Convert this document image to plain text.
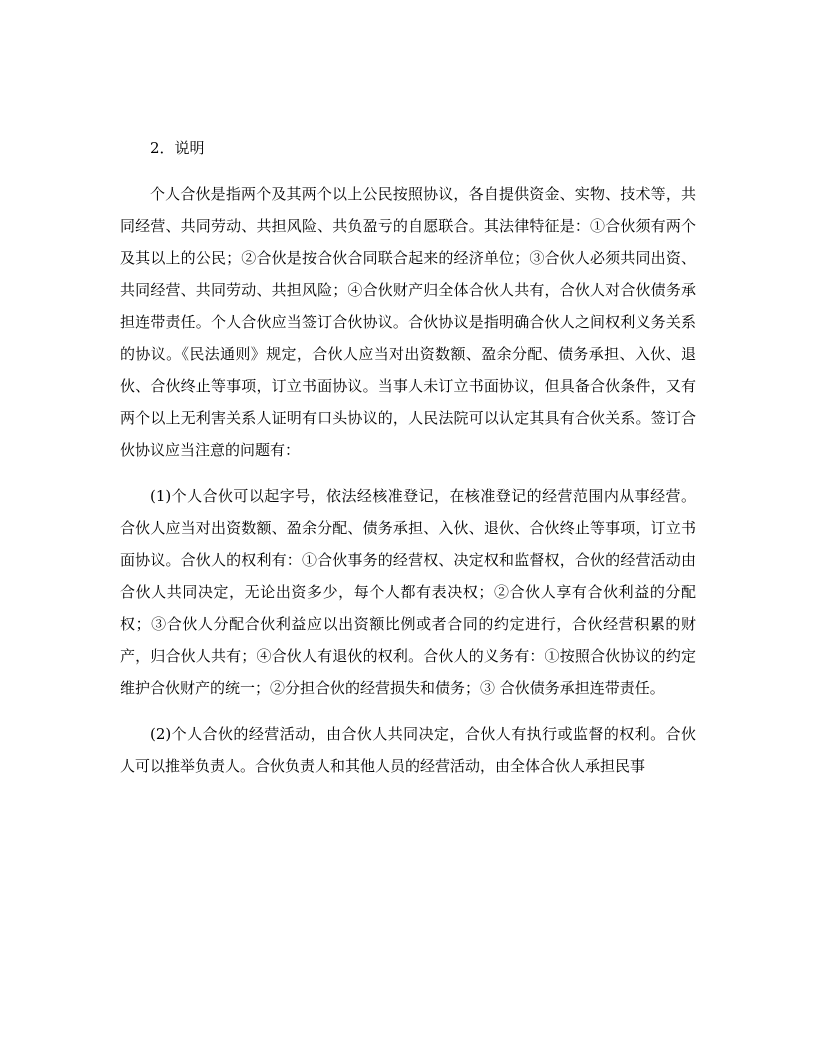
2．说明

个人合伙是指两个及其两个以上公民按照协议，各自提供资金、实物、技术等，共同经营、共同劳动、共担风险、共负盈亏的自愿联合。其法律特征是：①合伙须有两个及其以上的公民；②合伙是按合伙合同联合起来的经济单位；③合伙人必须共同出资、共同经营、共同劳动、共担风险；④合伙财产归全体合伙人共有，合伙人对合伙债务承担连带责任。个人合伙应当签订合伙协议。合伙协议是指明确合伙人之间权利义务关系的协议。《民法通则》规定，合伙人应当对出资数额、盈余分配、债务承担、入伙、退伙、合伙终止等事项，订立书面协议。当事人未订立书面协议，但具备合伙条件，又有两个以上无利害关系人证明有口头协议的，人民法院可以认定其具有合伙关系。签订合伙协议应当注意的问题有：

(1)个人合伙可以起字号，依法经核准登记，在核准登记的经营范围内从事经营。合伙人应当对出资数额、盈余分配、债务承担、入伙、退伙、合伙终止等事项，订立书面协议。合伙人的权利有：①合伙事务的经营权、决定权和监督权，合伙的经营活动由合伙人共同决定，无论出资多少，每个人都有表决权；②合伙人享有合伙利益的分配权；③合伙人分配合伙利益应以出资额比例或者合同的约定进行，合伙经营积累的财产，归合伙人共有；④合伙人有退伙的权利。合伙人的义务有：①按照合伙协议的约定维护合伙财产的统一；②分担合伙的经营损失和债务；③ 合伙债务承担连带责任。

(2)个人合伙的经营活动，由合伙人共同决定，合伙人有执行或监督的权利。合伙人可以推举负责人。合伙负责人和其他人员的经营活动，由全体合伙人承担民事
